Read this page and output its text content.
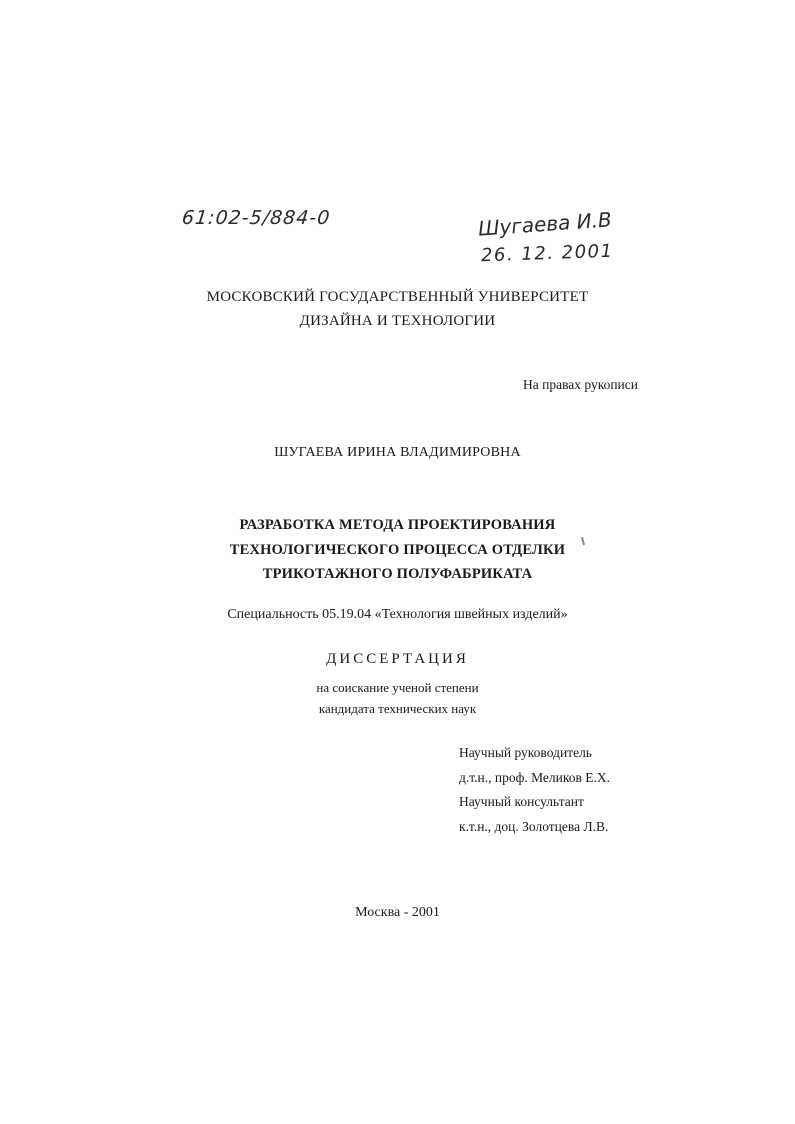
61:02-5/884-0	Шугаева И.В
26. 12. 2001
МОСКОВСКИЙ ГОСУДАРСТВЕННЫЙ УНИВЕРСИТЕТ
ДИЗАЙНА И ТЕХНОЛОГИИ
На правах рукописи
ШУГАЕВА ИРИНА ВЛАДИМИРОВНА
РАЗРАБОТКА МЕТОДА ПРОЕКТИРОВАНИЯ
ТЕХНОЛОГИЧЕСКОГО ПРОЦЕССА ОТДЕЛКИ
ТРИКОТАЖНОГО ПОЛУФАБРИКАТА
Специальность 05.19.04 «Технология швейных изделий»
ДИССЕРТАЦИЯ
на соискание ученой степени
кандидата технических наук
Научный руководитель
д.т.н., проф. Меликов Е.Х.
Научный консультант
к.т.н., доц. Золотцева Л.В.
Москва - 2001
